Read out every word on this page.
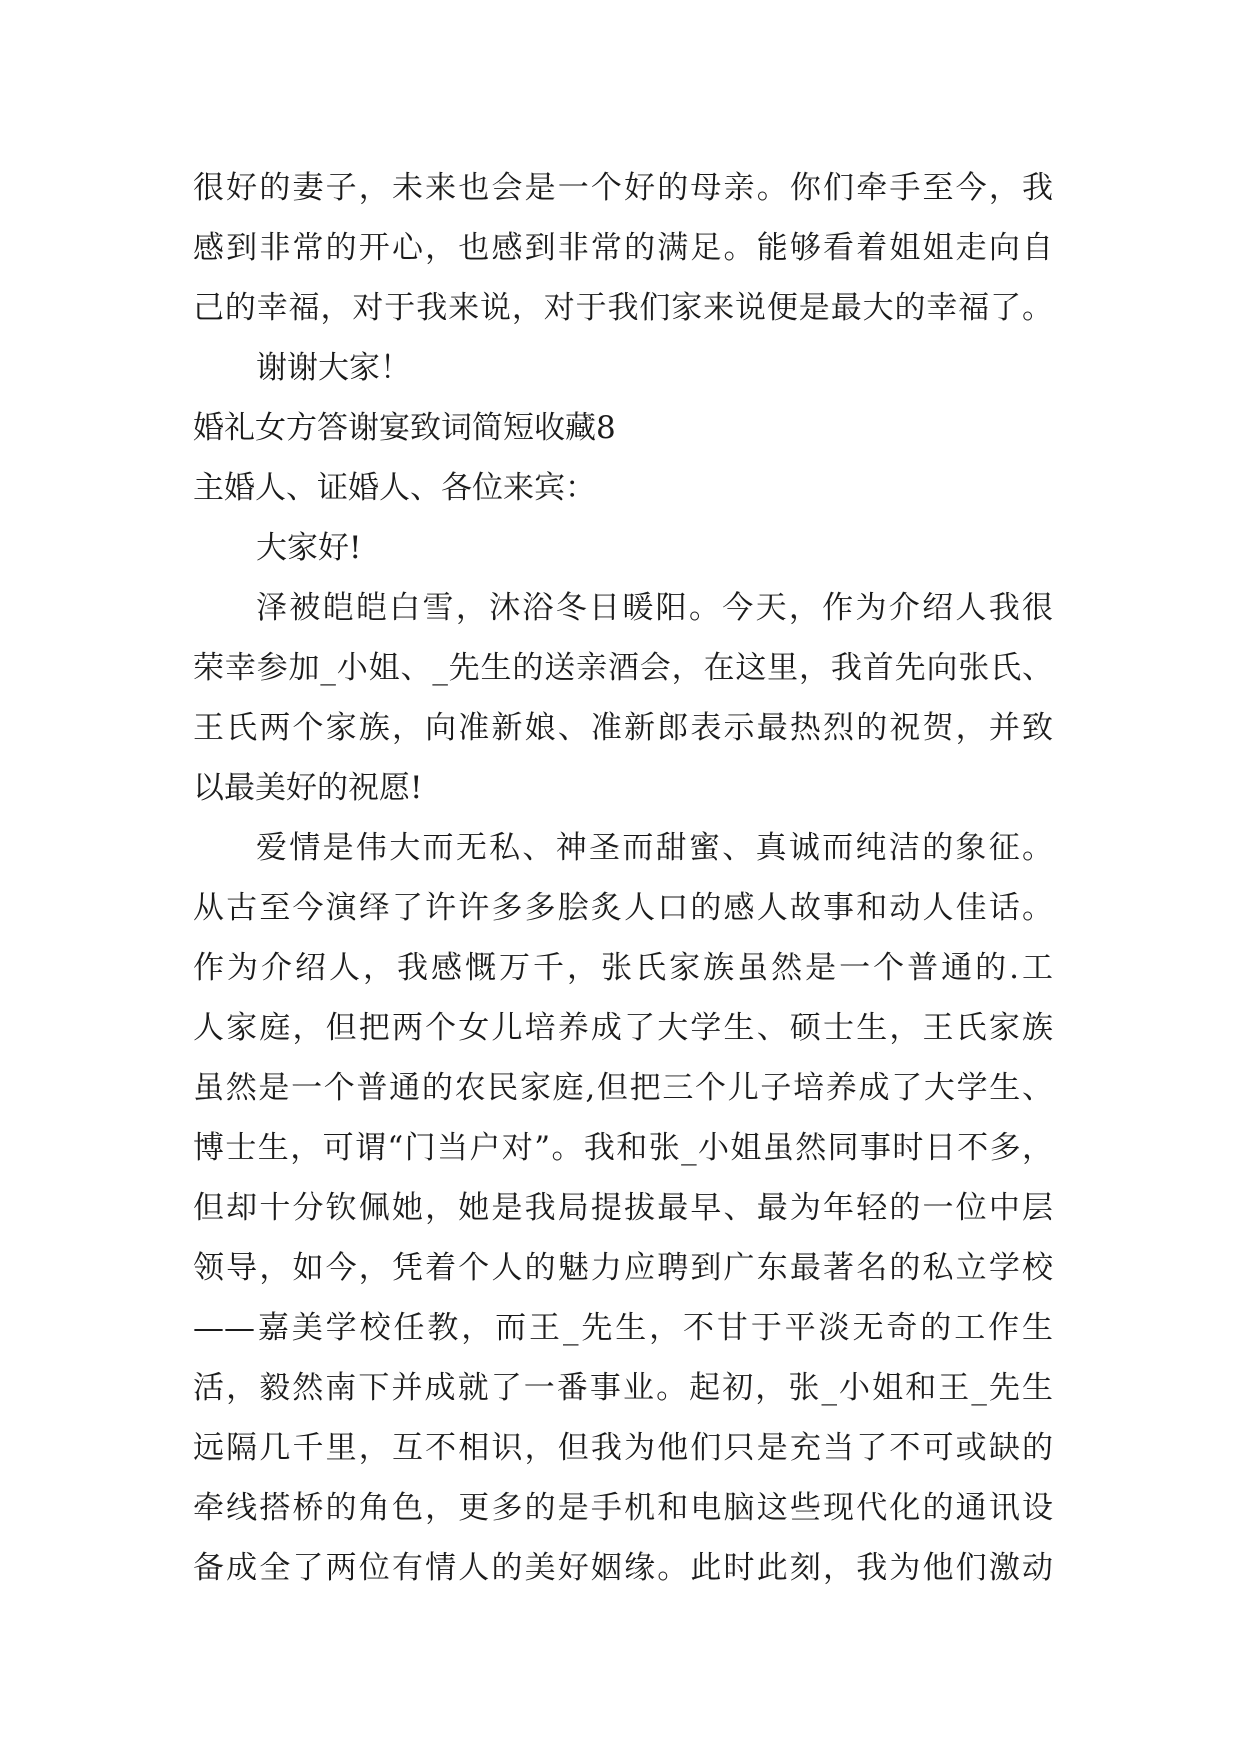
很好的妻子，未来也会是一个好的母亲。你们牵手至今，我
感到非常的开心，也感到非常的满足。能够看着姐姐走向自
己的幸福，对于我来说，对于我们家来说便是最大的幸福了。
谢谢大家！
婚礼女方答谢宴致词简短收藏8
主婚人、证婚人、各位来宾：
大家好!
泽被皑皑白雪，沐浴冬日暖阳。今天，作为介绍人我很
荣幸参加_小姐、_先生的送亲酒会，在这里，我首先向张氏、
王氏两个家族，向准新娘、准新郎表示最热烈的祝贺，并致
以最美好的祝愿!
爱情是伟大而无私、神圣而甜蜜、真诚而纯洁的象征。
从古至今演绎了许许多多脍炙人口的感人故事和动人佳话。
作为介绍人，我感慨万千，张氏家族虽然是一个普通的.工
人家庭，但把两个女儿培养成了大学生、硕士生，王氏家族
虽然是一个普通的农民家庭,但把三个儿子培养成了大学生、
博士生，可谓“门当户对”。我和张_小姐虽然同事时日不多，
但却十分钦佩她，她是我局提拔最早、最为年轻的一位中层
领导，如今，凭着个人的魅力应聘到广东最著名的私立学校
——嘉美学校任教，而王_先生，不甘于平淡无奇的工作生
活，毅然南下并成就了一番事业。起初，张_小姐和王_先生
远隔几千里，互不相识，但我为他们只是充当了不可或缺的
牵线搭桥的角色，更多的是手机和电脑这些现代化的通讯设
备成全了两位有情人的美好姻缘。此时此刻，我为他们激动
